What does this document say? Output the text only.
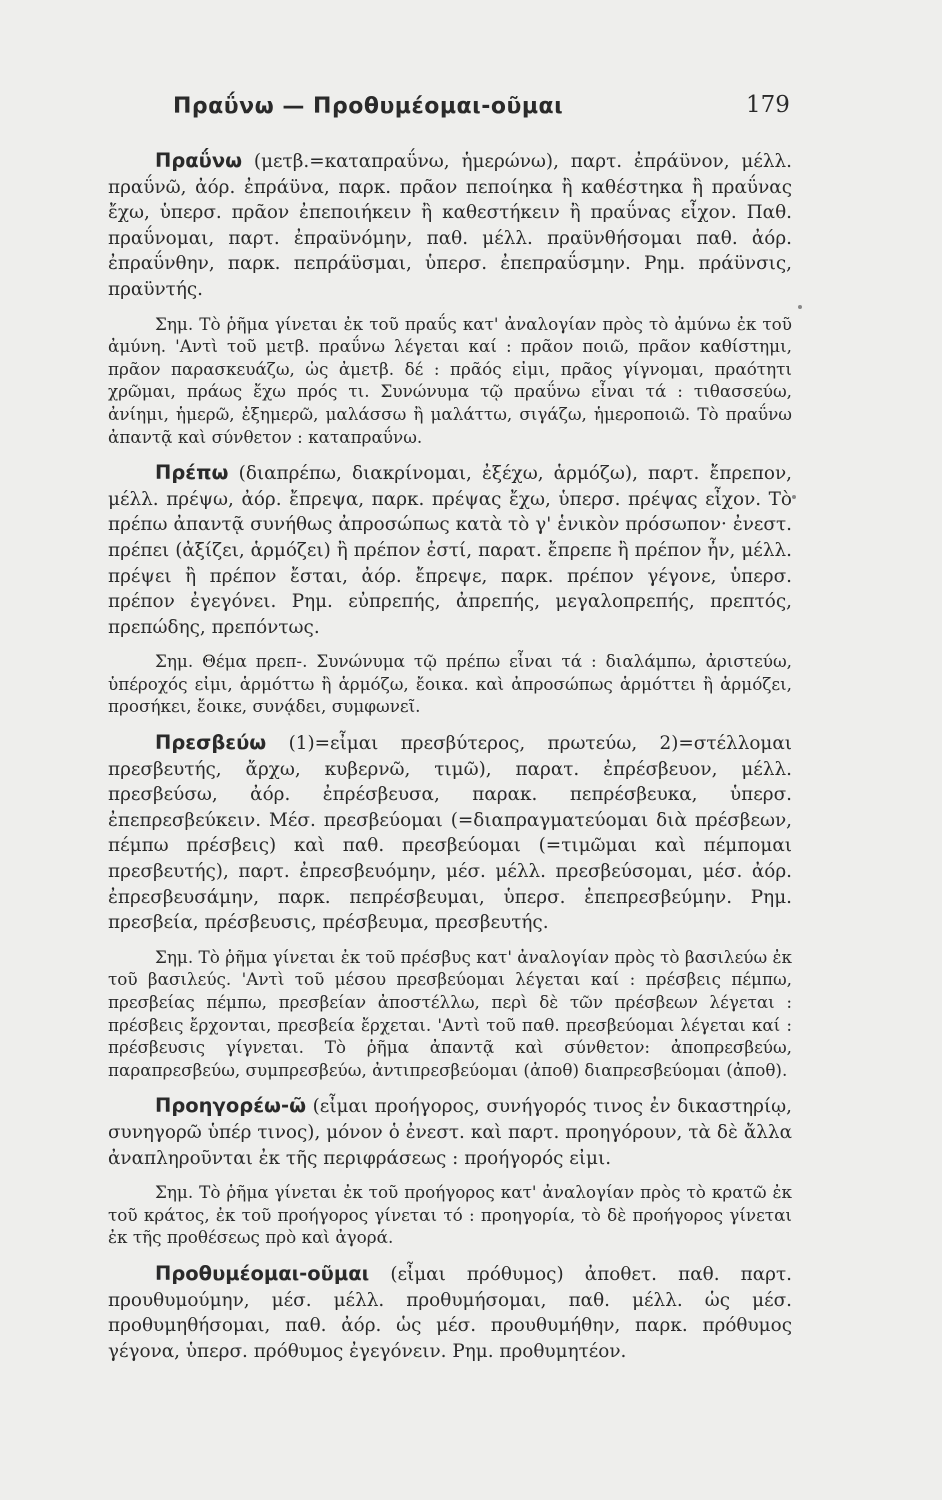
Πραΰνω — Προθυμέομαι-οῦμαι	179

Πραΰνω (μετβ.=καταπραΰνω, ἡμερώνω), παρτ. ἐπράϋνον, μέλλ. πραΰνῶ, ἀόρ. ἐπράϋνα, παρκ. πρᾶον πεποίηκα ἢ καθέστηκα ἢ πραΰνας ἔχω, ὑπερσ. πρᾶον ἐπεποιήκειν ἢ καθεστήκειν ἢ πραΰνας εἶχον. Παθ. πραΰνομαι, παρτ. ἐπραϋνόμην, παθ. μέλλ. πραϋνθήσομαι παθ. ἀόρ. ἐπραΰνθην, παρκ. πεπράϋσμαι, ὑπερσ. ἐπεπραΰσμην. Ρημ. πράϋνσις, πραϋντής.

Σημ. Τὸ ῥῆμα γίνεται ἐκ τοῦ πραΰς κατ' ἀναλογίαν πρὸς τὸ ἀμύνω ἐκ τοῦ ἀμύνη. 'Αντὶ τοῦ μετβ. πραΰνω λέγεται καί : πρᾶον ποιῶ, πρᾶον καθίστημι, πρᾶον παρασκευάζω, ὡς ἀμετβ. δέ : πρᾶός εἰμι, πρᾶος γίγνομαι, πραότητι χρῶμαι, πράως ἔχω πρός τι. Συνώνυμα τῷ πραΰνω εἶναι τά : τιθασσεύω, ἀνίημι, ἡμερῶ, ἐξημερῶ, μαλάσσω ἢ μαλάττω, σιγάζω, ἡμεροποιῶ. Τὸ πραΰνω ἀπαντᾷ καὶ σύνθετον : καταπραΰνω.

Πρέπω (διαπρέπω, διακρίνομαι, ἐξέχω, ἁρμόζω), παρτ. ἔπρεπον, μέλλ. πρέψω, ἀόρ. ἔπρεψα, παρκ. πρέψας ἔχω, ὑπερσ. πρέψας εἶχον. Τὸ πρέπω ἀπαντᾷ συνήθως ἀπροσώπως κατὰ τὸ γ' ἑνικὸν πρόσωπον· ἐνεστ. πρέπει (ἀξίζει, ἁρμόζει) ἢ πρέπον ἐστί, παρατ. ἔπρεπε ἢ πρέπον ἦν, μέλλ. πρέψει ἢ πρέπον ἔσται, ἀόρ. ἔπρεψε, παρκ. πρέπον γέγονε, ὑπερσ. πρέπον ἐγεγόνει. Ρημ. εὐπρεπής, ἀπρεπής, μεγαλοπρεπής, πρεπτός, πρεπώδης, πρεπόντως.

Σημ. Θέμα πρεπ-. Συνώνυμα τῷ πρέπω εἶναι τά : διαλάμπω, ἀριστεύω, ὑπέροχός εἰμι, ἁρμόττω ἢ ἁρμόζω, ἔοικα. καὶ ἀπροσώπως ἁρμόττει ἢ ἁρμόζει, προσήκει, ἔοικε, συνᾴδει, συμφωνεῖ.

Πρεσβεύω (1)=εἶμαι πρεσβύτερος, πρωτεύω, 2)=στέλλομαι πρεσβευτής, ἄρχω, κυβερνῶ, τιμῶ), παρατ. ἐπρέσβευον, μέλλ. πρεσβεύσω, ἀόρ. ἐπρέσβευσα, παρακ. πεπρέσβευκα, ὑπερσ. ἐπεπρεσβεύκειν. Μέσ. πρεσβεύομαι (=διαπραγματεύομαι διὰ πρέσβεων, πέμπω πρέσβεις) καὶ παθ. πρεσβεύομαι (=τιμῶμαι καὶ πέμπομαι πρεσβευτής), παρτ. ἐπρεσβευόμην, μέσ. μέλλ. πρεσβεύσομαι, μέσ. ἀόρ. ἐπρεσβευσάμην, παρκ. πεπρέσβευμαι, ὑπερσ. ἐπεπρεσβεύμην. Ρημ. πρεσβεία, πρέσβευσις, πρέσβευμα, πρεσβευτής.

Σημ. Τὸ ῥῆμα γίνεται ἐκ τοῦ πρέσβυς κατ' ἀναλογίαν πρὸς τὸ βασιλεύω ἐκ τοῦ βασιλεύς. 'Αντὶ τοῦ μέσου πρεσβεύομαι λέγεται καί : πρέσβεις πέμπω, πρεσβείας πέμπω, πρεσβείαν ἀποστέλλω, περὶ δὲ τῶν πρέσβεων λέγεται : πρέσβεις ἔρχονται, πρεσβεία ἔρχεται. 'Αντὶ τοῦ παθ. πρεσβεύομαι λέγεται καί : πρέσβευσις γίγνεται. Τὸ ῥῆμα ἀπαντᾷ καὶ σύνθετον: ἀποπρεσβεύω, παραπρεσβεύω, συμπρεσβεύω, ἀντιπρεσβεύομαι (ἀποθ) διαπρεσβεύομαι (ἀποθ).

Προηγορέω-ῶ (εἶμαι προήγορος, συνήγορός τινος ἐν δικαστηρίῳ, συνηγορῶ ὑπέρ τινος), μόνον ὁ ἐνεστ. καὶ παρτ. προηγόρουν, τὰ δὲ ἄλλα ἀναπληροῦνται ἐκ τῆς περιφράσεως : προήγορός εἰμι.

Σημ. Τὸ ῥῆμα γίνεται ἐκ τοῦ προήγορος κατ' ἀναλογίαν πρὸς τὸ κρατῶ ἐκ τοῦ κράτος, ἐκ τοῦ προήγορος γίνεται τό : προηγορία, τὸ δὲ προήγορος γίνεται ἐκ τῆς προθέσεως πρὸ καὶ ἀγορά.

Προθυμέομαι-οῦμαι (εἶμαι πρόθυμος) ἀποθετ. παθ. παρτ. προυθυμούμην, μέσ. μέλλ. προθυμήσομαι, παθ. μέλλ. ὡς μέσ. προθυμηθήσομαι, παθ. ἀόρ. ὡς μέσ. προυθυμήθην, παρκ. πρόθυμος γέγονα, ὑπερσ. πρόθυμος ἐγεγόνειν. Ρημ. προθυμητέον.
